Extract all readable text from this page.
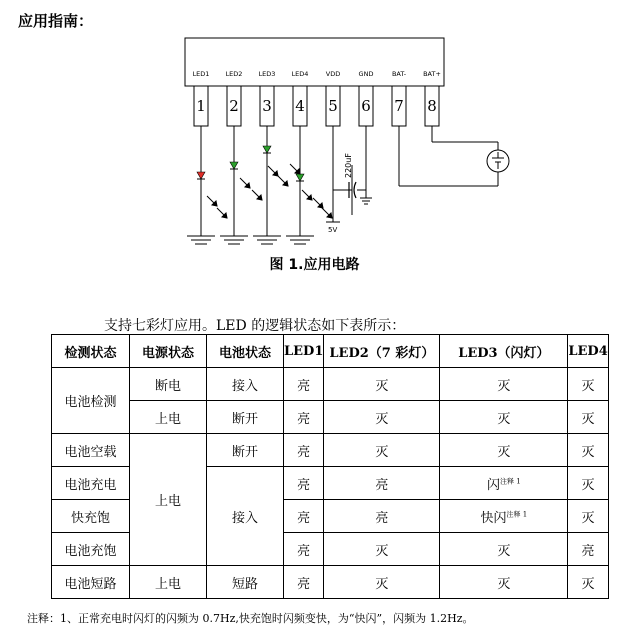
应用指南：
LED1
1
LED2
2
LED3
3
LED4
4
VDD
5
GND
6
BAT-
7
BAT+
8
220uF
5V
图 1.应用电路
支持七彩灯应用。LED 的逻辑状态如下表所示：
检测状态	电源状态	电池状态	LED1	LED2（7 彩灯）	LED3（闪灯）	LED4
电池检测	断电	接入	亮	灭	灭	灭
	上电	断开	亮	灭	灭	灭
电池空载	上电	断开	亮	灭	灭	灭
电池充电		接入	亮	亮	闪$^{注释 1}$	灭
快充饱			亮	亮	快闪$^{注释 1}$	灭
电池充饱			亮	灭	灭	亮
电池短路	上电	短路	亮	灭	灭	灭
注释：1、正常充电时闪灯的闪频为 0.7Hz,快充饱时闪频变快，为“快闪”，闪频为 1.2Hz。
